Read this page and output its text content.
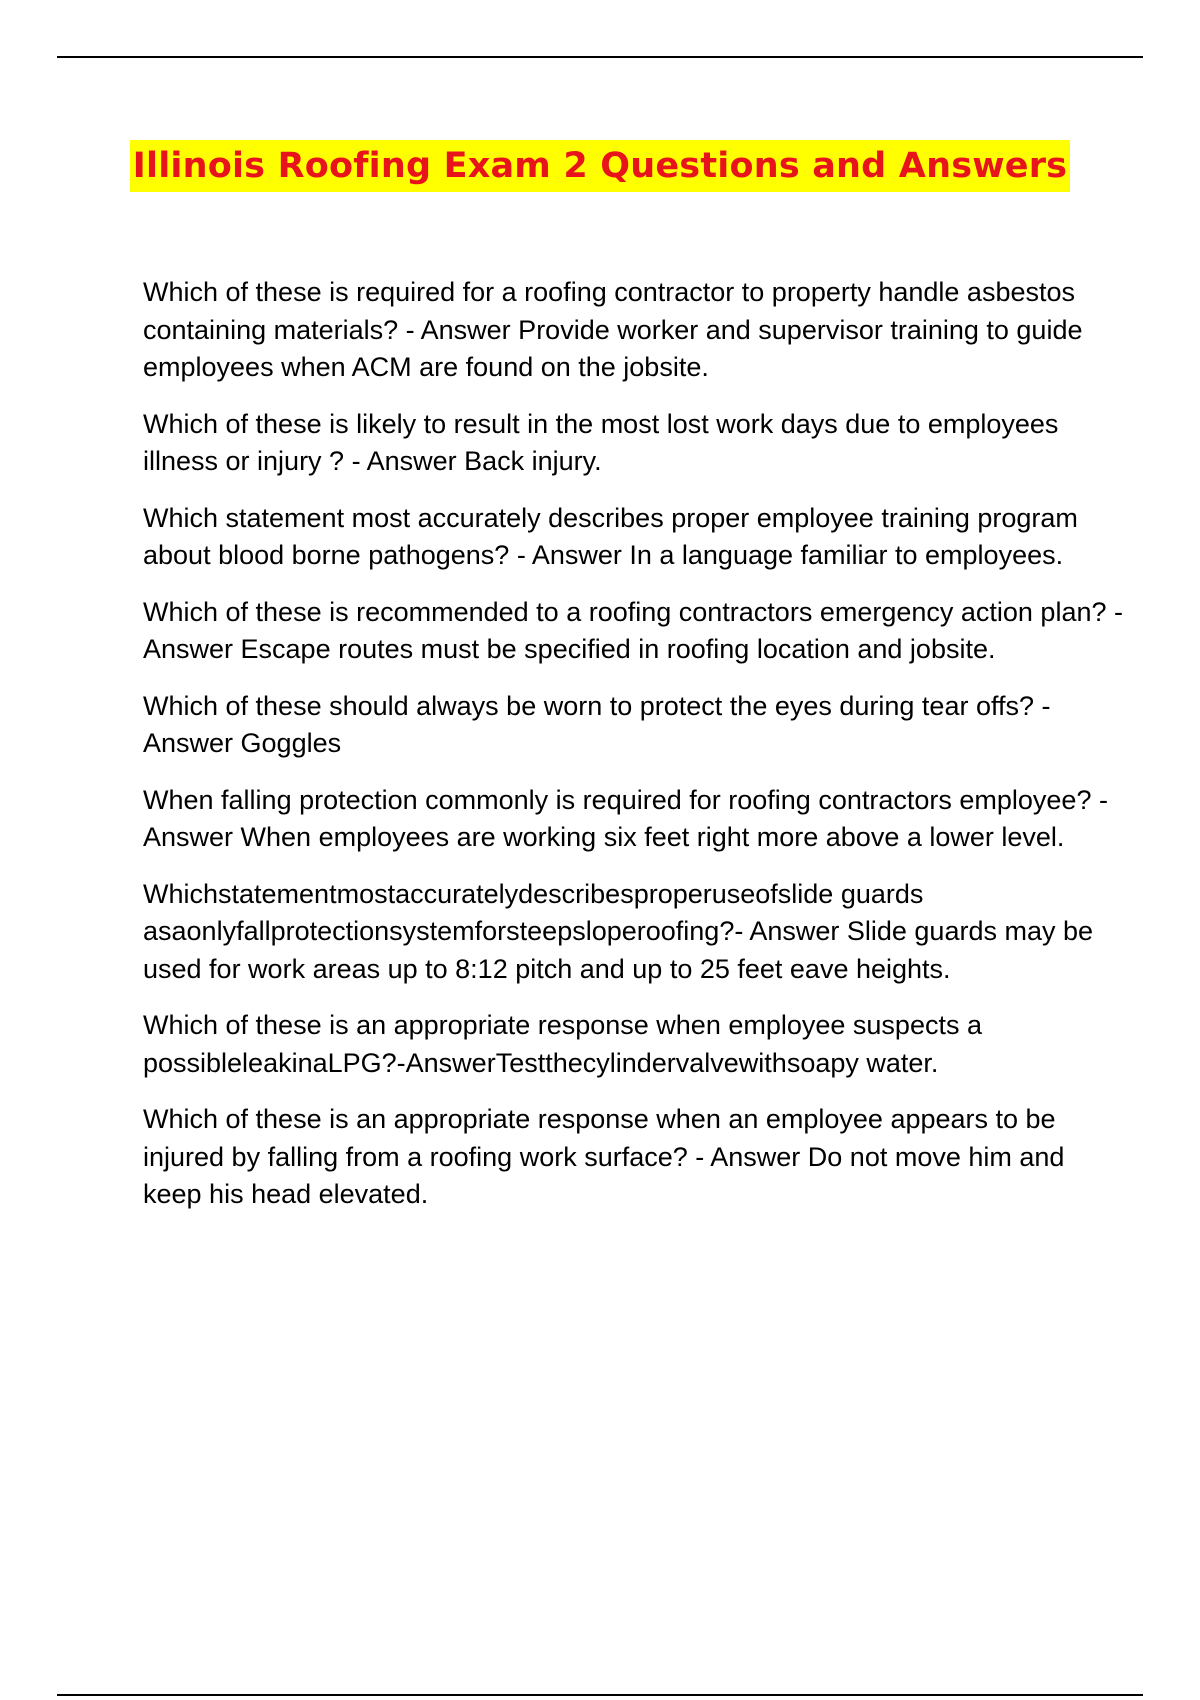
Illinois Roofing Exam 2 Questions and Answers

Which of these is required for a roofing contractor to property handle asbestos containing materials? - Answer Provide worker and supervisor training to guide employees when ACM are found on the jobsite.

Which of these is likely to result in the most lost work days due to employees illness or injury ? - Answer Back injury.

Which statement most accurately describes proper employee training program about blood borne pathogens? - Answer In a language familiar to employees.

Which of these is recommended to a roofing contractors emergency action plan? - Answer Escape routes must be specified in roofing location and jobsite.

Which of these should always be worn to protect the eyes during tear offs? - Answer Goggles

When falling protection commonly is required for roofing contractors employee? - Answer When employees are working six feet right more above a lower level.

Whichstatementmostaccuratelydescribesproperuseofslide guards asaonlyfallprotectionsystemforsteepsloperoofing?- Answer Slide guards may be used for work areas up to 8:12 pitch and up to 25 feet eave heights.

Which of these is an appropriate response when employee suspects a possibleleakinaLPG?-AnswerTestthecylindervalvewithsoapy water.

Which of these is an appropriate response when an employee appears to be injured by falling from a roofing work surface? - Answer Do not move him and keep his head elevated.
